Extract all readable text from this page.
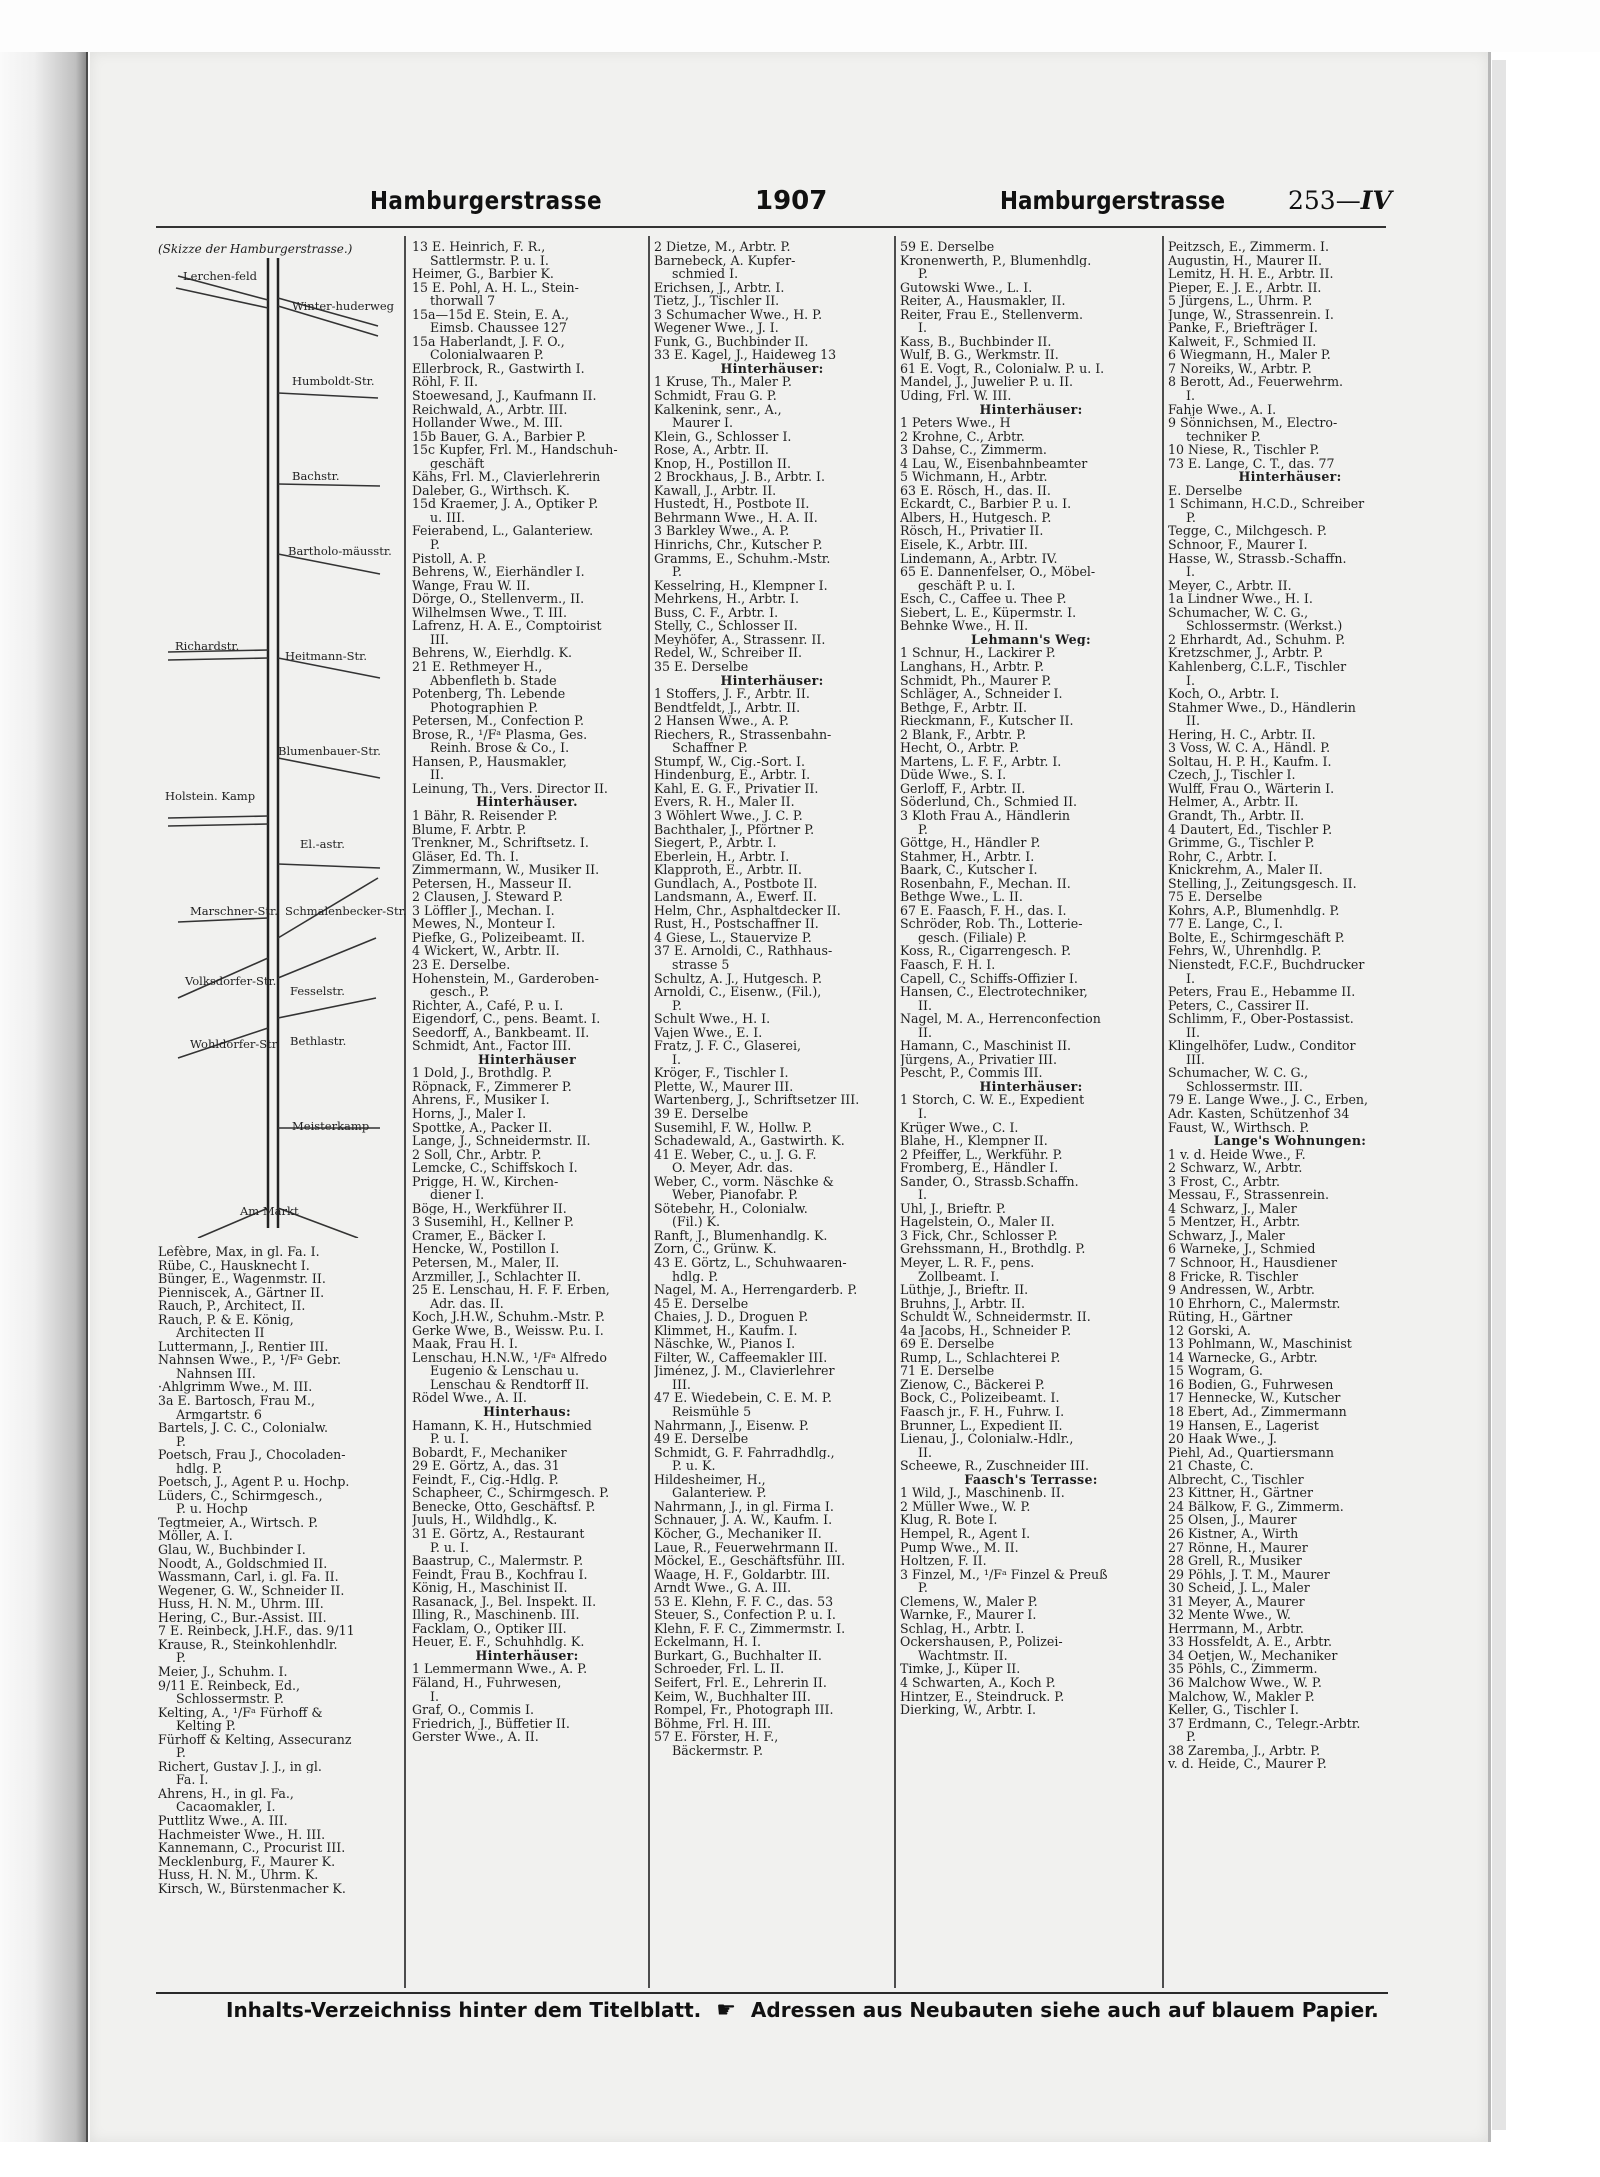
Hamburgerstrasse	1907	Hamburgerstrasse	253—IV
(Skizze der Hamburgerstrasse.)
Lerchen-feld
Winter-huderweg
Humboldt-Str.
Bachstr.
Bartholo-mäusstr.
Richardstr.
Heitmann-Str.
Blumenbauer-Str.
Holstein. Kamp
El.-astr.
Marschner-Str. Schmalenbecker-Str.
Volksdorfer-Str.
Fesselstr.
Wohldorfer-Str. Bethlastr.
Meisterkamp
Am Markt
Lefèbre, Max, in gl. Fa. I.
Rübe, C., Hausknecht I.
Bünger, E., Wagenmstr. II.
Pienniscek, A., Gärtner II.
Rauch, P., Architect, II.
Rauch, P. & E. König,
Architecten II
Luttermann, J., Rentier III.
Nahnsen Wwe., P., ¹/Fᵃ Gebr.
Nahnsen III.
·Ahlgrimm Wwe., M. III.
3a E. Bartosch, Frau M.,
Armgartstr. 6
Bartels, J. C. C., Colonialw.
P.
Poetsch, Frau J., Chocoladen-
hdlg. P.
Poetsch, J., Agent P. u. Hochp.
Lüders, C., Schirmgesch.,
P. u. Hochp
Tegtmeier, A., Wirtsch. P.
Möller, A. I.
Glau, W., Buchbinder I.
Noodt, A., Goldschmied II.
Wassmann, Carl, i. gl. Fa. II.
Wegener, G. W., Schneider II.
Huss, H. N. M., Uhrm. III.
Hering, C., Bur.-Assist. III.
7 E. Reinbeck, J.H.F., das. 9/11
Krause, R., Steinkohlenhdlr.
P.
Meier, J., Schuhm. I.
9/11 E. Reinbeck, Ed.,
Schlossermstr. P.
Kelting, A., ¹/Fᵃ Fürhoff &
Kelting P.
Fürhoff & Kelting, Assecuranz
P.
Richert, Gustav J. J., in gl.
Fa. I.
Ahrens, H., in gl. Fa.,
Cacaomakler, I.
Puttlitz Wwe., A. III.
Hachmeister Wwe., H. III.
Kannemann, C., Procurist III.
Mecklenburg, F., Maurer K.
Huss, H. N. M., Uhrm. K.
Kirsch, W., Bürstenmacher K.
13 E. Heinrich, F. R.,
Sattlermstr. P. u. I.
Heimer, G., Barbier K.
15 E. Pohl, A. H. L., Stein-
thorwall 7
15a—15d E. Stein, E. A.,
Eimsb. Chaussee 127
15a Haberlandt, J. F. O.,
Colonialwaaren P.
Ellerbrock, R., Gastwirth I.
Röhl, F. II.
Stoewesand, J., Kaufmann II.
Reichwald, A., Arbtr. III.
Hollander Wwe., M. III.
15b Bauer, G. A., Barbier P.
15c Kupfer, Frl. M., Handschuh-
geschäft
Kähs, Frl. M., Clavierlehrerin
Daleber, G., Wirthsch. K.
15d Kraemer, J. A., Optiker P.
u. III.
Feierabend, L., Galanteriew.
P.
Pistoll, A. P.
Behrens, W., Eierhändler I.
Wange, Frau W. II.
Dörge, O., Stellenverm., II.
Wilhelmsen Wwe., T. III.
Lafrenz, H. A. E., Comptoirist
III.
Behrens, W., Eierhdlg. K.
21 E. Rethmeyer H.,
Abbenfleth b. Stade
Potenberg, Th. Lebende
Photographien P.
Petersen, M., Confection P.
Brose, R., ¹/Fᵃ Plasma, Ges.
Reinh. Brose & Co., I.
Hansen, P., Hausmakler,
II.
Leinung, Th., Vers. Director II.
Hinterhäuser.
1 Bähr, R. Reisender P.
Blume, F. Arbtr. P.
Trenkner, M., Schriftsetz. I.
Gläser, Ed. Th. I.
Zimmermann, W., Musiker II.
Petersen, H., Masseur II.
2 Clausen, J. Steward P.
3 Löffler J., Mechan. I.
Mewes, N., Monteur I.
Piefke, G., Polizeibeamt. II.
4 Wickert, W., Arbtr. II.
23 E. Derselbe.
Hohenstein, M., Garderoben-
gesch., P.
Richter, A., Café, P. u. I.
Eigendorf, C., pens. Beamt. I.
Seedorff, A., Bankbeamt. II.
Schmidt, Ant., Factor III.
Hinterhäuser
1 Dold, J., Brothdlg. P.
Röpnack, F., Zimmerer P.
Ahrens, F., Musiker I.
Horns, J., Maler I.
Spottke, A., Packer II.
Lange, J., Schneidermstr. II.
2 Soll, Chr., Arbtr. P.
Lemcke, C., Schiffskoch I.
Prigge, H. W., Kirchen-
diener I.
Böge, H., Werkführer II.
3 Susemihl, H., Kellner P.
Cramer, E., Bäcker I.
Hencke, W., Postillon I.
Petersen, M., Maler, II.
Arzmiller, J., Schlachter II.
25 E. Lenschau, H. F. F. Erben,
Adr. das. II.
Koch, J.H.W., Schuhm.-Mstr. P.
Gerke Wwe, B., Weissw. P.u. I.
Maak, Frau H. I.
Lenschau, H.N.W., ¹/Fᵃ Alfredo
Eugenio & Lenschau u.
Lenschau & Rendtorff II.
Rödel Wwe., A. II.
Hinterhaus:
Hamann, K. H., Hutschmied
P. u. I.
Bobardt, F., Mechaniker
29 E. Görtz, A., das. 31
Feindt, F., Cig.-Hdlg. P.
Schapheer, C., Schirmgesch. P.
Benecke, Otto, Geschäftsf. P.
Juuls, H., Wildhdlg., K.
31 E. Görtz, A., Restaurant
P. u. I.
Baastrup, C., Malermstr. P.
Feindt, Frau B., Kochfrau I.
König, H., Maschinist II.
Rasanack, J., Bel. Inspekt. II.
Illing, R., Maschinenb. III.
Facklam, O., Optiker III.
Heuer, E. F., Schuhhdlg. K.
Hinterhäuser:
1 Lemmermann Wwe., A. P.
Fäland, H., Fuhrwesen,
I.
Graf, O., Commis I.
Friedrich, J., Büffetier II.
Gerster Wwe., A. II.
2 Dietze, M., Arbtr. P.
Barnebeck, A. Kupfer-
schmied I.
Erichsen, J., Arbtr. I.
Tietz, J., Tischler II.
3 Schumacher Wwe., H. P.
Wegener Wwe., J. I.
Funk, G., Buchbinder II.
33 E. Kagel, J., Haideweg 13
Hinterhäuser:
1 Kruse, Th., Maler P.
Schmidt, Frau G. P.
Kalkenink, senr., A.,
Maurer I.
Klein, G., Schlosser I.
Rose, A., Arbtr. II.
Knop, H., Postillon II.
2 Brockhaus, J. B., Arbtr. I.
Kawall, J., Arbtr. II.
Hustedt, H., Postbote II.
Behrmann Wwe., H. A. II.
3 Barkley Wwe., A. P.
Hinrichs, Chr., Kutscher P.
Gramms, E., Schuhm.-Mstr.
P.
Kesselring, H., Klempner I.
Mehrkens, H., Arbtr. I.
Buss, C. F., Arbtr. I.
Stelly, C., Schlosser II.
Meyhöfer, A., Strassenr. II.
Redel, W., Schreiber II.
35 E. Derselbe
Hinterhäuser:
1 Stoffers, J. F., Arbtr. II.
Bendtfeldt, J., Arbtr. II.
2 Hansen Wwe., A. P.
Riechers, R., Strassenbahn-
Schaffner P.
Stumpf, W., Cig.-Sort. I.
Hindenburg, E., Arbtr. I.
Kahl, E. G. F., Privatier II.
Evers, R. H., Maler II.
3 Wöhlert Wwe., J. C. P.
Bachthaler, J., Pförtner P.
Siegert, P., Arbtr. I.
Eberlein, H., Arbtr. I.
Klapproth, E., Arbtr. II.
Gundlach, A., Postbote II.
Landsmann, A., Ewerf. II.
Helm, Chr., Asphaltdecker II.
Rust, H., Postschaffner II.
4 Giese, L., Stauervize P.
37 E. Arnoldi, C., Rathhaus-
strasse 5
Schultz, A. J., Hutgesch. P.
Arnoldi, C., Eisenw., (Fil.),
P.
Schult Wwe., H. I.
Vajen Wwe., E. I.
Fratz, J. F. C., Glaserei,
I.
Kröger, F., Tischler I.
Plette, W., Maurer III.
Wartenberg, J., Schriftsetzer III.
39 E. Derselbe
Susemihl, F. W., Hollw. P.
Schadewald, A., Gastwirth. K.
41 E. Weber, C., u. J. G. F.
O. Meyer, Adr. das.
Weber, C., vorm. Näschke &
Weber, Pianofabr. P.
Sötebehr, H., Colonialw.
(Fil.) K.
Ranft, J., Blumenhandlg. K.
Zorn, C., Grünw. K.
43 E. Görtz, L., Schuhwaaren-
hdlg. P.
Nagel, M. A., Herrengarderb. P.
45 E. Derselbe
Chaies, J. D., Droguen P.
Klimmet, H., Kaufm. I.
Näschke, W., Pianos I.
Filter, W., Caffeemakler III.
Jiménez, J. M., Clavierlehrer
III.
47 E. Wiedebein, C. E. M. P.
Reismühle 5
Nahrmann, J., Eisenw. P.
49 E. Derselbe
Schmidt, G. F. Fahrradhdlg.,
P. u. K.
Hildesheimer, H.,
Galanteriew. P.
Nahrmann, J., in gl. Firma I.
Schnauer, J. A. W., Kaufm. I.
Köcher, G., Mechaniker II.
Laue, R., Feuerwehrmann II.
Möckel, E., Geschäftsführ. III.
Waage, H. F., Goldarbtr. III.
Arndt Wwe., G. A. III.
53 E. Klehn, F. F. C., das. 53
Steuer, S., Confection P. u. I.
Klehn, F. F. C., Zimmermstr. I.
Eckelmann, H. I.
Burkart, G., Buchhalter II.
Schroeder, Frl. L. II.
Seifert, Frl. E., Lehrerin II.
Keim, W., Buchhalter III.
Rompel, Fr., Photograph III.
Böhme, Frl. H. III.
57 E. Förster, H. F.,
Bäckermstr. P.
59 E. Derselbe
Kronenwerth, P., Blumenhdlg.
P.
Gutowski Wwe., L. I.
Reiter, A., Hausmakler, II.
Reiter, Frau E., Stellenverm.
I.
Kass, B., Buchbinder II.
Wulf, B. G., Werkmstr. II.
61 E. Vogt, R., Colonialw. P. u. I.
Mandel, J., Juwelier P. u. II.
Uding, Frl. W. III.
Hinterhäuser:
1 Peters Wwe., H
2 Krohne, C., Arbtr.
3 Dahse, C., Zimmerm.
4 Lau, W., Eisenbahnbeamter
5 Wichmann, H., Arbtr.
63 E. Rösch, H., das. II.
Eckardt, C., Barbier P. u. I.
Albers, H., Hutgesch. P.
Rösch, H., Privatier II.
Eisele, K., Arbtr. III.
Lindemann, A., Arbtr. IV.
65 E. Dannenfelser, O., Möbel-
geschäft P. u. I.
Esch, C., Caffee u. Thee P.
Siebert, L. E., Küpermstr. I.
Behnke Wwe., H. II.
Lehmann's Weg:
1 Schnur, H., Lackirer P.
Langhans, H., Arbtr. P.
Schmidt, Ph., Maurer P.
Schläger, A., Schneider I.
Bethge, F., Arbtr. II.
Rieckmann, F., Kutscher II.
2 Blank, F., Arbtr. P.
Hecht, O., Arbtr. P.
Martens, L. F. F., Arbtr. I.
Düde Wwe., S. I.
Gerloff, F., Arbtr. II.
Söderlund, Ch., Schmied II.
3 Kloth Frau A., Händlerin
P.
Göttge, H., Händler P.
Stahmer, H., Arbtr. I.
Baark, C., Kutscher I.
Rosenbahn, F., Mechan. II.
Bethge Wwe., L. II.
67 E. Faasch, F. H., das. I.
Schröder, Rob. Th., Lotterie-
gesch. (Filiale) P.
Koss, R., Cigarrengesch. P.
Faasch, F. H. I.
Capell, C., Schiffs-Offizier I.
Hansen, C., Electrotechniker,
II.
Nagel, M. A., Herrenconfection
II.
Hamann, C., Maschinist II.
Jürgens, A., Privatier III.
Pescht, P., Commis III.
Hinterhäuser:
1 Storch, C. W. E., Expedient
I.
Krüger Wwe., C. I.
Blahe, H., Klempner II.
2 Pfeiffer, L., Werkführ. P.
Fromberg, E., Händler I.
Sander, O., Strassb.Schaffn.
I.
Uhl, J., Brieftr. P.
Hagelstein, O., Maler II.
3 Fick, Chr., Schlosser P.
Grehssmann, H., Brothdlg. P.
Meyer, L. R. F., pens.
Zollbeamt. I.
Lüthje, J., Brieftr. II.
Bruhns, J., Arbtr. II.
Schuldt W., Schneidermstr. II.
4a Jacobs, H., Schneider P.
69 E. Derselbe
Rump, L., Schlachterei P.
71 E. Derselbe
Zienow, C., Bäckerei P.
Bock, C., Polizeibeamt. I.
Faasch jr., F. H., Fuhrw. I.
Brunner, L., Expedient II.
Lienau, J., Colonialw.-Hdlr.,
II.
Scheewe, R., Zuschneider III.
Faasch's Terrasse:
1 Wild, J., Maschinenb. II.
2 Müller Wwe., W. P.
Klug, R. Bote I.
Hempel, R., Agent I.
Pump Wwe., M. II.
Holtzen, F. II.
3 Finzel, M., ¹/Fᵃ Finzel & Preuß
P.
Clemens, W., Maler P.
Warnke, F., Maurer I.
Schlag, H., Arbtr. I.
Ockershausen, P., Polizei-
Wachtmstr. II.
Timke, J., Küper II.
4 Schwarten, A., Koch P.
Hintzer, E., Steindruck. P.
Dierking, W., Arbtr. I.
Peitzsch, E., Zimmerm. I.
Augustin, H., Maurer II.
Lemitz, H. H. E., Arbtr. II.
Pieper, E. J. E., Arbtr. II.
5 Jürgens, L., Uhrm. P.
Junge, W., Strassenrein. I.
Panke, F., Briefträger I.
Kalweit, F., Schmied II.
6 Wiegmann, H., Maler P.
7 Noreiks, W., Arbtr. P.
8 Berott, Ad., Feuerwehrm.
I.
Fahje Wwe., A. I.
9 Sönnichsen, M., Electro-
techniker P.
10 Niese, R., Tischler P.
73 E. Lange, C. T., das. 77
Hinterhäuser:
E. Derselbe
1 Schimann, H.C.D., Schreiber
P.
Tegge, C., Milchgesch. P.
Schnoor, F., Maurer I.
Hasse, W., Strassb.-Schaffn.
I.
Meyer, C., Arbtr. II.
1a Lindner Wwe., H. I.
Schumacher, W. C. G.,
Schlossermstr. (Werkst.)
2 Ehrhardt, Ad., Schuhm. P.
Kretzschmer, J., Arbtr. P.
Kahlenberg, C.L.F., Tischler
I.
Koch, O., Arbtr. I.
Stahmer Wwe., D., Händlerin
II.
Hering, H. C., Arbtr. II.
3 Voss, W. C. A., Händl. P.
Soltau, H. P. H., Kaufm. I.
Czech, J., Tischler I.
Wulff, Frau O., Wärterin I.
Helmer, A., Arbtr. II.
Grandt, Th., Arbtr. II.
4 Dautert, Ed., Tischler P.
Grimme, G., Tischler P.
Rohr, C., Arbtr. I.
Knickrehm, A., Maler II.
Stelling, J., Zeitungsgesch. II.
75 E. Derselbe
Kohrs, A.P., Blumenhdlg. P.
77 E. Lange, C., I.
Bolte, E., Schirmgeschäft P.
Fehrs, W., Uhrenhdlg. P.
Nienstedt, F.C.F., Buchdrucker
I.
Peters, Frau E., Hebamme II.
Peters, C., Cassirer II.
Schlimm, F., Ober-Postassist.
II.
Klingelhöfer, Ludw., Conditor
III.
Schumacher, W. C. G.,
Schlossermstr. III.
79 E. Lange Wwe., J. C., Erben,
Adr. Kasten, Schützenhof 34
Faust, W., Wirthsch. P.
Lange's Wohnungen:
1 v. d. Heide Wwe., F.
2 Schwarz, W., Arbtr.
3 Frost, C., Arbtr.
Messau, F., Strassenrein.
4 Schwarz, J., Maler
5 Mentzer, H., Arbtr.
Schwarz, J., Maler
6 Warneke, J., Schmied
7 Schnoor, H., Hausdiener
8 Fricke, R. Tischler
9 Andressen, W., Arbtr.
10 Ehrhorn, C., Malermstr.
Rüting, H., Gärtner
12 Gorski, A.
13 Pohlmann, W., Maschinist
14 Warnecke, G., Arbtr.
15 Wogram, G.
16 Bodien, G., Fuhrwesen
17 Hennecke, W., Kutscher
18 Ebert, Ad., Zimmermann
19 Hansen, E., Lagerist
20 Haak Wwe., J.
Piehl, Ad., Quartiersmann
21 Chaste, C.
Albrecht, C., Tischler
23 Kittner, H., Gärtner
24 Bälkow, F. G., Zimmerm.
25 Olsen, J., Maurer
26 Kistner, A., Wirth
27 Rönne, H., Maurer
28 Grell, R., Musiker
29 Pöhls, J. T. M., Maurer
30 Scheid, J. L., Maler
31 Meyer, A., Maurer
32 Mente Wwe., W.
Herrmann, M., Arbtr.
33 Hossfeldt, A. E., Arbtr.
34 Oetjen, W., Mechaniker
35 Pöhls, C., Zimmerm.
36 Malchow Wwe., W. P.
Malchow, W., Makler P.
Keller, G., Tischler I.
37 Erdmann, C., Telegr.-Arbtr.
P.
38 Zaremba, J., Arbtr. P.
v. d. Heide, C., Maurer P.
Inhalts-Verzeichniss hinter dem Titelblatt. ☛ Adressen aus Neubauten siehe auch auf blauem Papier.
